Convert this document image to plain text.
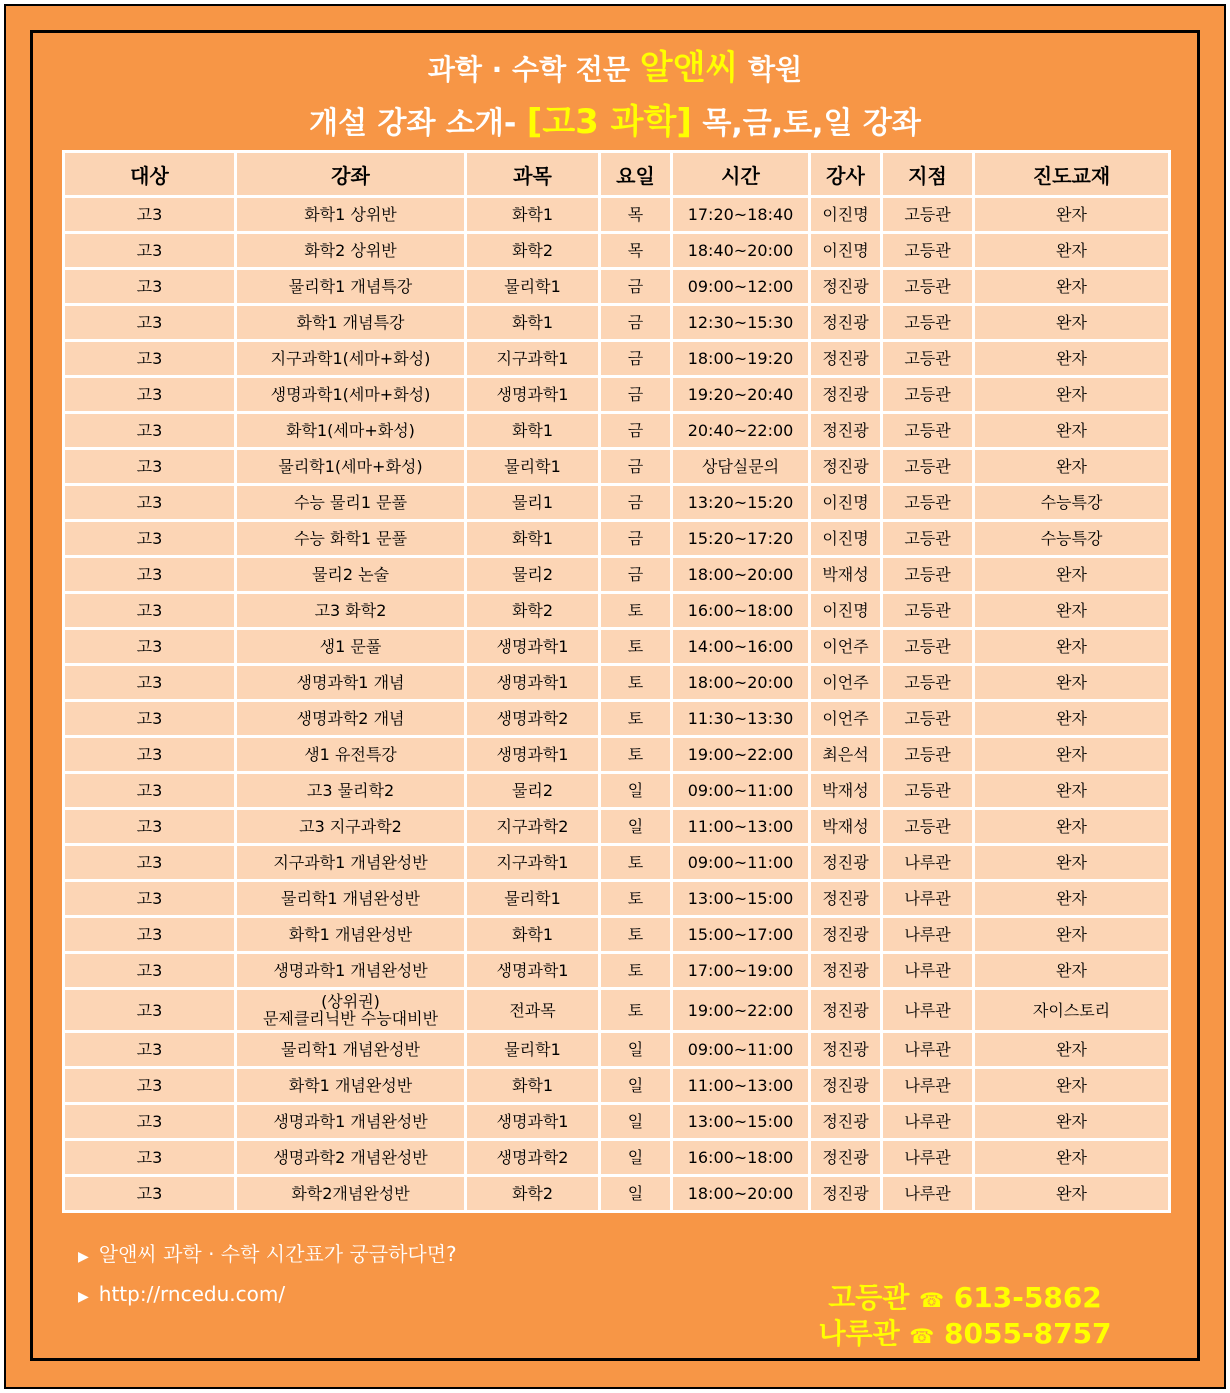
과학 · 수학 전문 알앤씨 학원
개설 강좌 소개- [고3 과학] 목,금,토,일 강좌
대상	강좌	과목	요일	시간	강사	지점	진도교재
고3	화학1 상위반	화학1	목	17:20~18:40	이진명	고등관	완자
고3	화학2 상위반	화학2	목	18:40~20:00	이진명	고등관	완자
고3	물리학1 개념특강	물리학1	금	09:00~12:00	정진광	고등관	완자
고3	화학1 개념특강	화학1	금	12:30~15:30	정진광	고등관	완자
고3	지구과학1(세마+화성)	지구과학1	금	18:00~19:20	정진광	고등관	완자
고3	생명과학1(세마+화성)	생명과학1	금	19:20~20:40	정진광	고등관	완자
고3	화학1(세마+화성)	화학1	금	20:40~22:00	정진광	고등관	완자
고3	물리학1(세마+화성)	물리학1	금	상담실문의	정진광	고등관	완자
고3	수능 물리1 문풀	물리1	금	13:20~15:20	이진명	고등관	수능특강
고3	수능 화학1 문풀	화학1	금	15:20~17:20	이진명	고등관	수능특강
고3	물리2 논술	물리2	금	18:00~20:00	박재성	고등관	완자
고3	고3 화학2	화학2	토	16:00~18:00	이진명	고등관	완자
고3	생1 문풀	생명과학1	토	14:00~16:00	이언주	고등관	완자
고3	생명과학1 개념	생명과학1	토	18:00~20:00	이언주	고등관	완자
고3	생명과학2 개념	생명과학2	토	11:30~13:30	이언주	고등관	완자
고3	생1 유전특강	생명과학1	토	19:00~22:00	최은석	고등관	완자
고3	고3 물리학2	물리2	일	09:00~11:00	박재성	고등관	완자
고3	고3 지구과학2	지구과학2	일	11:00~13:00	박재성	고등관	완자
고3	지구과학1 개념완성반	지구과학1	토	09:00~11:00	정진광	나루관	완자
고3	물리학1 개념완성반	물리학1	토	13:00~15:00	정진광	나루관	완자
고3	화학1 개념완성반	화학1	토	15:00~17:00	정진광	나루관	완자
고3	생명과학1 개념완성반	생명과학1	토	17:00~19:00	정진광	나루관	완자
고3	(상위권)
문제클리닉반 수능대비반	전과목	토	19:00~22:00	정진광	나루관	자이스토리
고3	물리학1 개념완성반	물리학1	일	09:00~11:00	정진광	나루관	완자
고3	화학1 개념완성반	화학1	일	11:00~13:00	정진광	나루관	완자
고3	생명과학1 개념완성반	생명과학1	일	13:00~15:00	정진광	나루관	완자
고3	생명과학2 개념완성반	생명과학2	일	16:00~18:00	정진광	나루관	완자
고3	화학2개념완성반	화학2	일	18:00~20:00	정진광	나루관	완자
▶ 알앤씨 과학 · 수학 시간표가 궁금하다면?
▶ http://rncedu.com/	고등관 ☎ 613-5862
나루관 ☎ 8055-8757
